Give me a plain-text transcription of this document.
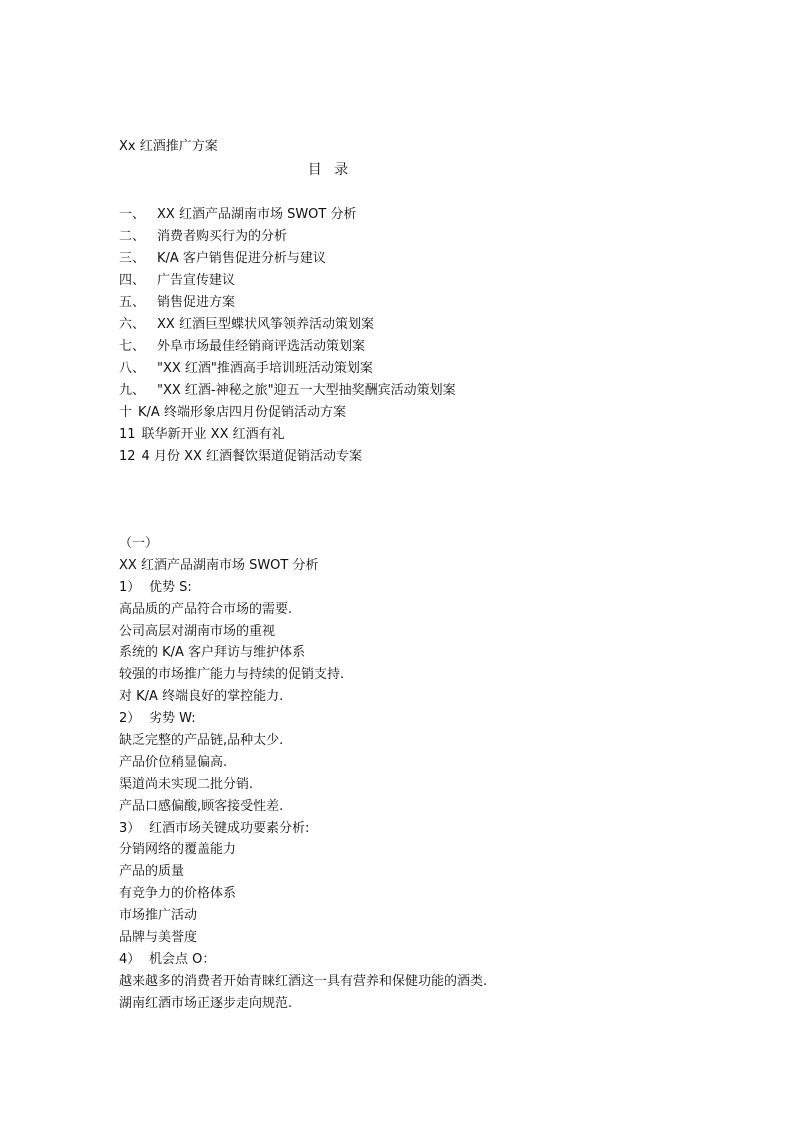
Xx 红酒推广方案
目 录
一、 XX 红酒产品湖南市场 SWOT 分析
二、 消费者购买行为的分析
三、 K/A 客户销售促进分析与建议
四、 广告宣传建议
五、 销售促进方案
六、 XX 红酒巨型蝶状风筝领养活动策划案
七、 外阜市场最佳经销商评选活动策划案
八、 "XX 红酒"推酒高手培训班活动策划案
九、 "XX 红酒-神秘之旅"迎五一大型抽奖酬宾活动策划案
十 K/A 终端形象店四月份促销活动方案
11 联华新开业 XX 红酒有礼
12 4 月份 XX 红酒餐饮渠道促销活动专案
（一）
XX 红酒产品湖南市场 SWOT 分析
1） 优势 S:
高品质的产品符合市场的需要.
公司高层对湖南市场的重视
系统的 K/A 客户拜访与维护体系
较强的市场推广能力与持续的促销支持.
对 K/A 终端良好的掌控能力.
2） 劣势 W:
缺乏完整的产品链,品种太少.
产品价位稍显偏高.
渠道尚未实现二批分销.
产品口感偏酸,顾客接受性差.
3） 红酒市场关键成功要素分析:
分销网络的覆盖能力
产品的质量
有竞争力的价格体系
市场推广活动
品牌与美誉度
4） 机会点 O：
越来越多的消费者开始青睐红酒这一具有营养和保健功能的酒类.
湖南红酒市场正逐步走向规范.
